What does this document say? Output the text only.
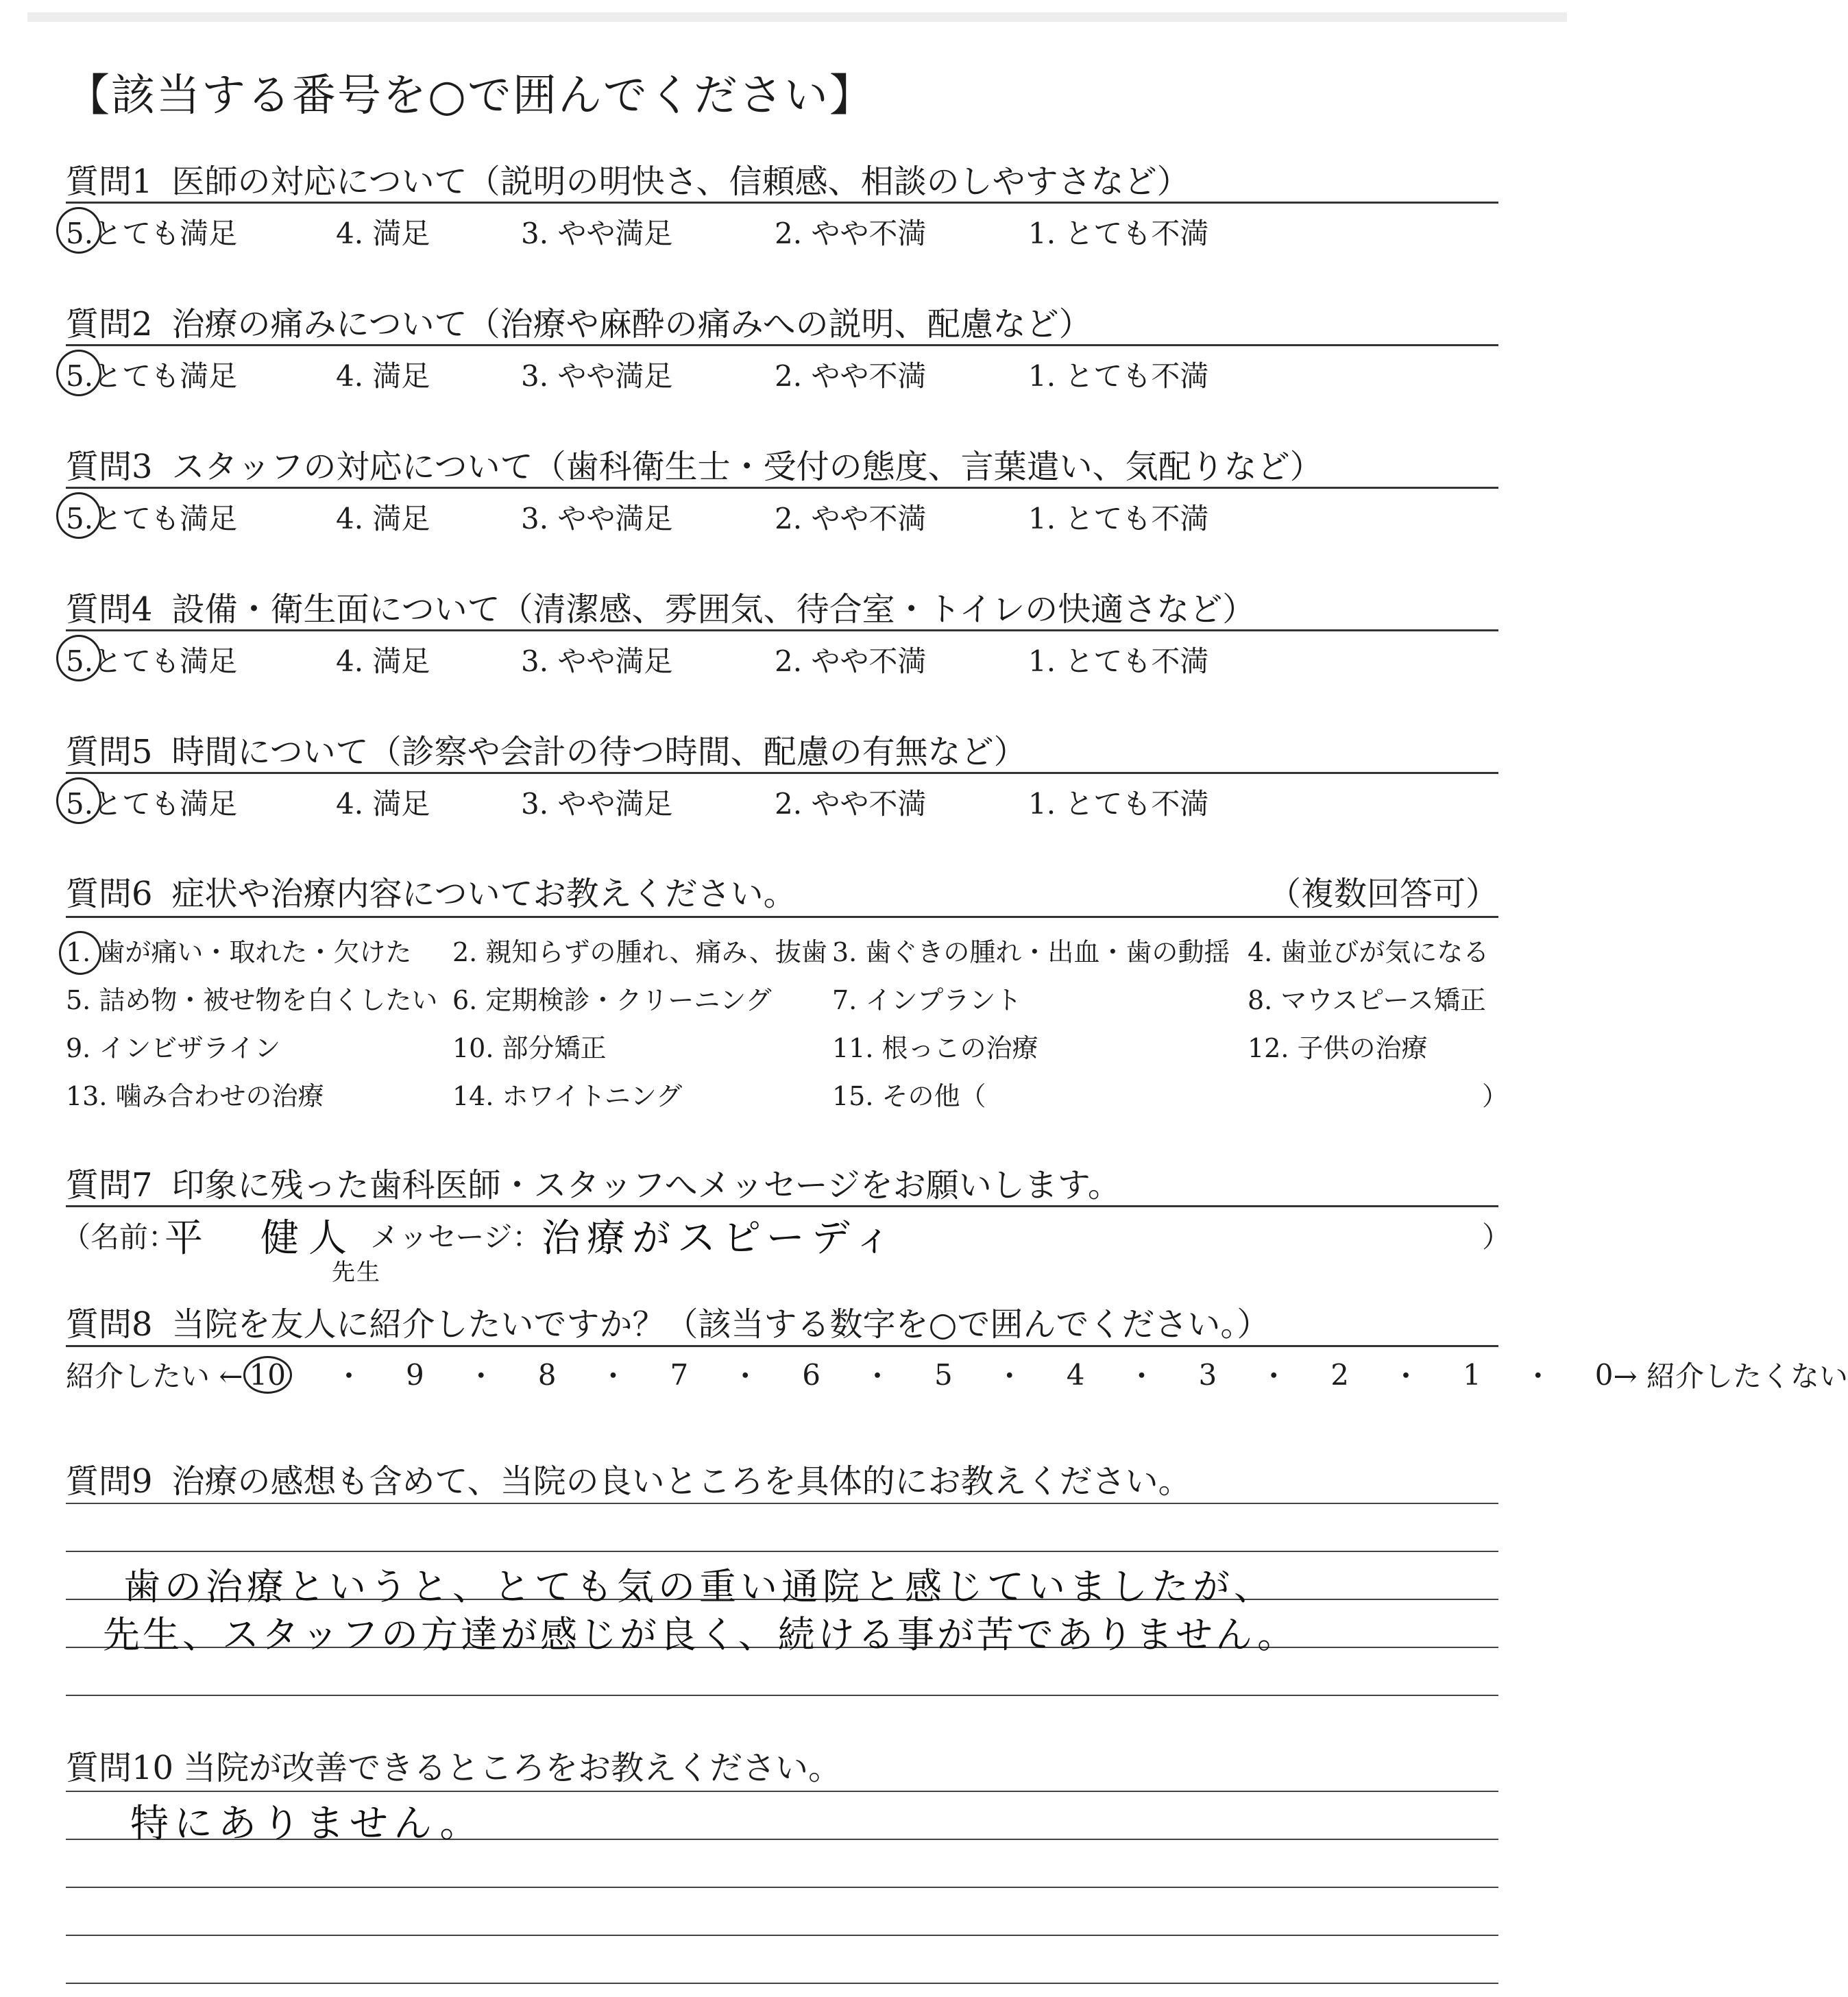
【該当する番号を○で囲んでください】
質問1 医師の対応について（説明の明快さ、信頼感、相談のしやすさなど）
5.とても満足	4. 満足	3. やや満足	2. やや不満	1. とても不満
質問2 治療の痛みについて（治療や麻酔の痛みへの説明、配慮など）
5.とても満足	4. 満足	3. やや満足	2. やや不満	1. とても不満
質問3 スタッフの対応について（歯科衛生士・受付の態度、言葉遣い、気配りなど）
5.とても満足	4. 満足	3. やや満足	2. やや不満	1. とても不満
質問4 設備・衛生面について（清潔感、雰囲気、待合室・トイレの快適さなど）
5.とても満足	4. 満足	3. やや満足	2. やや不満	1. とても不満
質問5 時間について（診察や会計の待つ時間、配慮の有無など）
5.とても満足	4. 満足	3. やや満足	2. やや不満	1. とても不満
質問6 症状や治療内容についてお教えください。	（複数回答可）
1. 歯が痛い・取れた・欠けた 2. 親知らずの腫れ、痛み、抜歯 3. 歯ぐきの腫れ・出血・歯の動揺 4. 歯並びが気になる
5. 詰め物・被せ物を白くしたい 6. 定期検診・クリーニング 7. インプラント	8. マウスピース矯正
9. インビザライン	10. 部分矯正	11. 根っこの治療	12. 子供の治療
13. 噛み合わせの治療	14. ホワイトニング	15. その他（	）
質問7 印象に残った歯科医師・スタッフへメッセージをお願いします。
（名前：
平　健人
先生
メッセージ： 治療がスピーディ	）
質問8 当院を友人に紹介したいですか？（該当する数字を○で囲んでください。）
紹介したい ← 10 ・ 9 ・ 8 ・ 7 ・ 6 ・ 5 ・ 4 ・ 3 ・ 2 ・ 1 ・ 0 → 紹介したくない
質問9 治療の感想も含めて、当院の良いところを具体的にお教えください。
歯の治療というと、とても気の重い通院と感じていましたが、
先生、スタッフの方達が感じが良く、続ける事が苦でありません。
質問10 当院が改善できるところをお教えください。
特にありません。
